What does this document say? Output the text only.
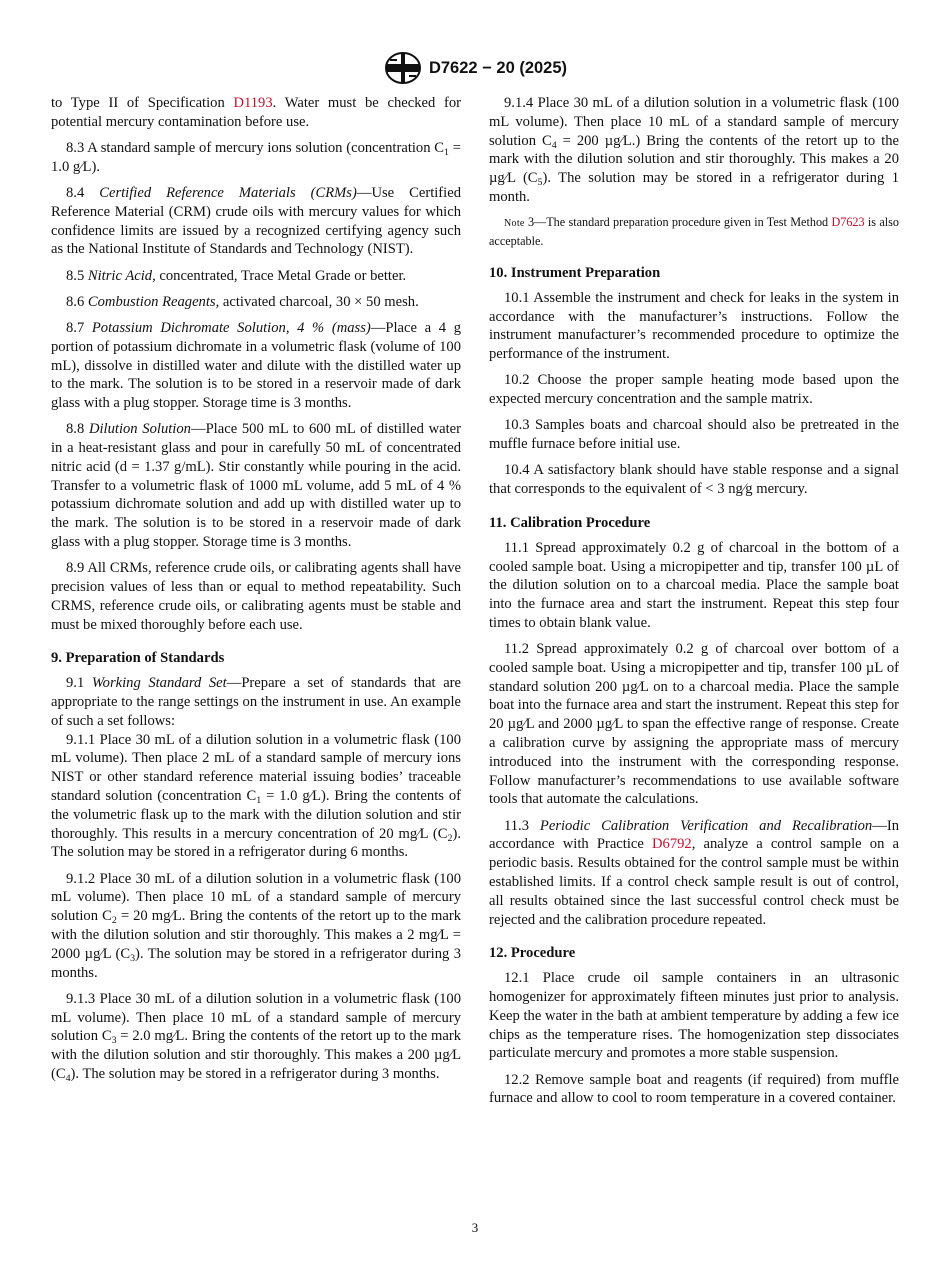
D7622 − 20 (2025)

to Type II of Specification D1193. Water must be checked for potential mercury contamination before use.

8.3 A standard sample of mercury ions solution (concentration $C_1 = 1.0$ g⁄L).

8.4 Certified Reference Materials (CRMs)—Use Certified Reference Material (CRM) crude oils with mercury values for which confidence limits are issued by a recognized certifying agency such as the National Institute of Standards and Technology (NIST).

8.5 Nitric Acid, concentrated, Trace Metal Grade or better.

8.6 Combustion Reagents, activated charcoal, 30 × 50 mesh.

8.7 Potassium Dichromate Solution, 4 % (mass)—Place a 4 g portion of potassium dichromate in a volumetric flask (volume of 100 mL), dissolve in distilled water and dilute with the distilled water up to the mark. The solution is to be stored in a reservoir made of dark glass with a plug stopper. Storage time is 3 months.

8.8 Dilution Solution—Place 500 mL to 600 mL of distilled water in a heat-resistant glass and pour in carefully 50 mL of concentrated nitric acid (d = 1.37 g/mL). Stir constantly while pouring in the acid. Transfer to a volumetric flask of 1000 mL volume, add 5 mL of 4 % potassium dichromate solution and add up with distilled water up to the mark. The solution is to be stored in a reservoir made of dark glass with a plug stopper. Storage time is 3 months.

8.9 All CRMs, reference crude oils, or calibrating agents shall have precision values of less than or equal to method repeatability. Such CRMS, reference crude oils, or calibrating agents must be stable and must be mixed thoroughly before each use.

9. Preparation of Standards

9.1 Working Standard Set—Prepare a set of standards that are appropriate to the range settings on the instrument in use. An example of such a set follows:

9.1.1 Place 30 mL of a dilution solution in a volumetric flask (100 mL volume). Then place 2 mL of a standard sample of mercury ions NIST or other standard reference material issuing bodies’ traceable standard solution (concentration $C_1 = 1.0$ g⁄L). Bring the contents of the volumetric flask up to the mark with the dilution solution and stir thoroughly. This results in a mercury concentration of 20 mg⁄L $(C_2)$. The solution may be stored in a refrigerator during 6 months.

9.1.2 Place 30 mL of a dilution solution in a volumetric flask (100 mL volume). Then place 10 mL of a standard sample of mercury solution $C_2 = 20$ mg⁄L. Bring the contents of the retort up to the mark with the dilution solution and stir thoroughly. This makes a 2 mg⁄L = 2000 µg⁄L $(C_3)$. The solution may be stored in a refrigerator during 3 months.

9.1.3 Place 30 mL of a dilution solution in a volumetric flask (100 mL volume). Then place 10 mL of a standard sample of mercury solution $C_3 = 2.0$ mg⁄L. Bring the contents of the retort up to the mark with the dilution solution and stir thoroughly. This makes a 200 µg⁄L $(C_4)$. The solution may be stored in a refrigerator during 3 months.

9.1.4 Place 30 mL of a dilution solution in a volumetric flask (100 mL volume). Then place 10 mL of a standard sample of mercury solution $C_4 = 200$ µg⁄L.) Bring the contents of the retort up to the mark with the dilution solution and stir thoroughly. This makes a 20 µg⁄L $(C_5)$. The solution may be stored in a refrigerator during 1 month.

Note 3—The standard preparation procedure given in Test Method D7623 is also acceptable.

10. Instrument Preparation

10.1 Assemble the instrument and check for leaks in the system in accordance with the manufacturer’s instructions. Follow the instrument manufacturer’s recommended procedure to optimize the performance of the instrument.

10.2 Choose the proper sample heating mode based upon the expected mercury concentration and the sample matrix.

10.3 Samples boats and charcoal should also be pretreated in the muffle furnace before initial use.

10.4 A satisfactory blank should have stable response and a signal that corresponds to the equivalent of < 3 ng⁄g mercury.

11. Calibration Procedure

11.1 Spread approximately 0.2 g of charcoal in the bottom of a cooled sample boat. Using a micropipetter and tip, transfer 100 µL of the dilution solution on to a charcoal media. Place the sample boat into the furnace area and start the instrument. Repeat this step four times to obtain blank value.

11.2 Spread approximately 0.2 g of charcoal over bottom of a cooled sample boat. Using a micropipetter and tip, transfer 100 µL of standard solution 200 µg⁄L on to a charcoal media. Place the sample boat into the furnace area and start the instrument. Repeat this step for 20 µg⁄L and 2000 µg⁄L to span the effective range of response. Create a calibration curve by assigning the appropriate mass of mercury introduced into the instrument with the corresponding response. Follow manufacturer’s recommendations to use available software tools that automate the calculations.

11.3 Periodic Calibration Verification and Recalibration—In accordance with Practice D6792, analyze a control sample on a periodic basis. Results obtained for the control sample must be within established limits. If a control check sample result is out of control, all results obtained since the last successful control check must be rejected and the calibration procedure repeated.

12. Procedure

12.1 Place crude oil sample containers in an ultrasonic homogenizer for approximately fifteen minutes just prior to analysis. Keep the water in the bath at ambient temperature by adding a few ice chips as the temperature rises. The homogenization step dissociates particulate mercury and promotes a more stable suspension.

12.2 Remove sample boat and reagents (if required) from muffle furnace and allow to cool to room temperature in a covered container.

3
